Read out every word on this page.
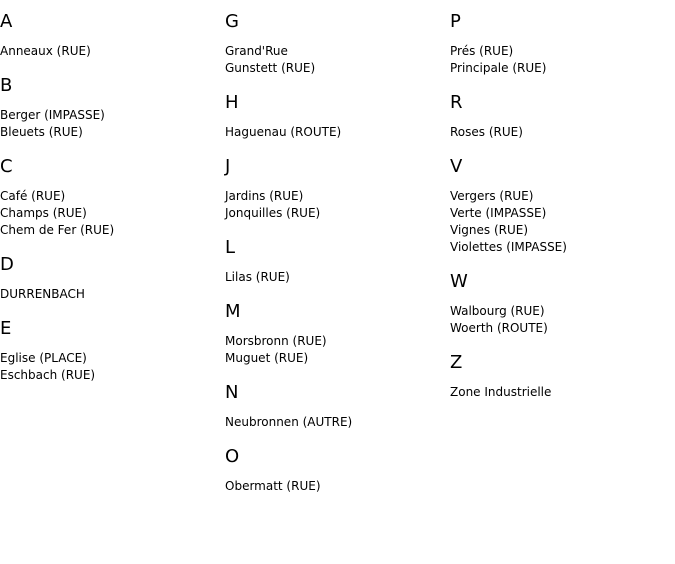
A
Anneaux (RUE)
B
Berger (IMPASSE)
Bleuets (RUE)
C
Café (RUE)
Champs (RUE)
Chem de Fer (RUE)
D
DURRENBACH
E
Eglise (PLACE)
Eschbach (RUE)
G
Grand'Rue
Gunstett (RUE)
H
Haguenau (ROUTE)
J
Jardins (RUE)
Jonquilles (RUE)
L
Lilas (RUE)
M
Morsbronn (RUE)
Muguet (RUE)
N
Neubronnen (AUTRE)
O
Obermatt (RUE)
P
Prés (RUE)
Principale (RUE)
R
Roses (RUE)
V
Vergers (RUE)
Verte (IMPASSE)
Vignes (RUE)
Violettes (IMPASSE)
W
Walbourg (RUE)
Woerth (ROUTE)
Z
Zone Industrielle
